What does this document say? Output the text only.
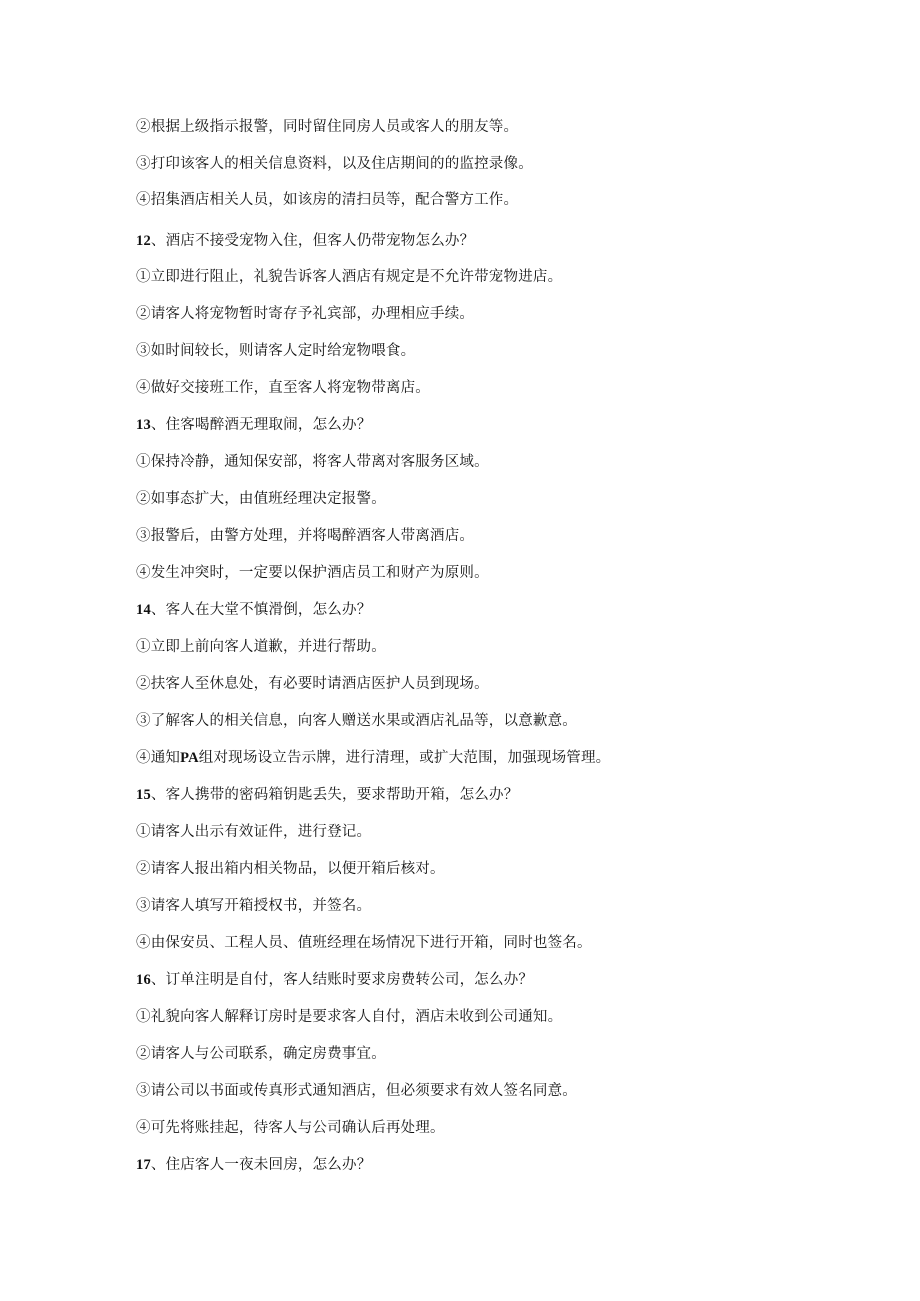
②根据上级指示报警，同时留住同房人员或客人的朋友等。
③打印该客人的相关信息资料，以及住店期间的的监控录像。
④招集酒店相关人员，如该房的清扫员等，配合警方工作。
12、酒店不接受宠物入住，但客人仍带宠物怎么办？
①立即进行阻止，礼貌告诉客人酒店有规定是不允许带宠物进店。
②请客人将宠物暂时寄存予礼宾部，办理相应手续。
③如时间较长，则请客人定时给宠物喂食。
④做好交接班工作，直至客人将宠物带离店。
13、住客喝醉酒无理取闹，怎么办？
①保持冷静，通知保安部，将客人带离对客服务区域。
②如事态扩大，由值班经理决定报警。
③报警后，由警方处理，并将喝醉酒客人带离酒店。
④发生冲突时，一定要以保护酒店员工和财产为原则。
14、客人在大堂不慎滑倒，怎么办？
①立即上前向客人道歉，并进行帮助。
②扶客人至休息处，有必要时请酒店医护人员到现场。
③了解客人的相关信息，向客人赠送水果或酒店礼品等，以意歉意。
④通知PA组对现场设立告示牌，进行清理，或扩大范围，加强现场管理。
15、客人携带的密码箱钥匙丢失，要求帮助开箱，怎么办？
①请客人出示有效证件，进行登记。
②请客人报出箱内相关物品，以便开箱后核对。
③请客人填写开箱授权书，并签名。
④由保安员、工程人员、值班经理在场情况下进行开箱，同时也签名。
16、订单注明是自付，客人结账时要求房费转公司，怎么办？
①礼貌向客人解释订房时是要求客人自付，酒店未收到公司通知。
②请客人与公司联系，确定房费事宜。
③请公司以书面或传真形式通知酒店，但必须要求有效人签名同意。
④可先将账挂起，待客人与公司确认后再处理。
17、住店客人一夜未回房，怎么办？
